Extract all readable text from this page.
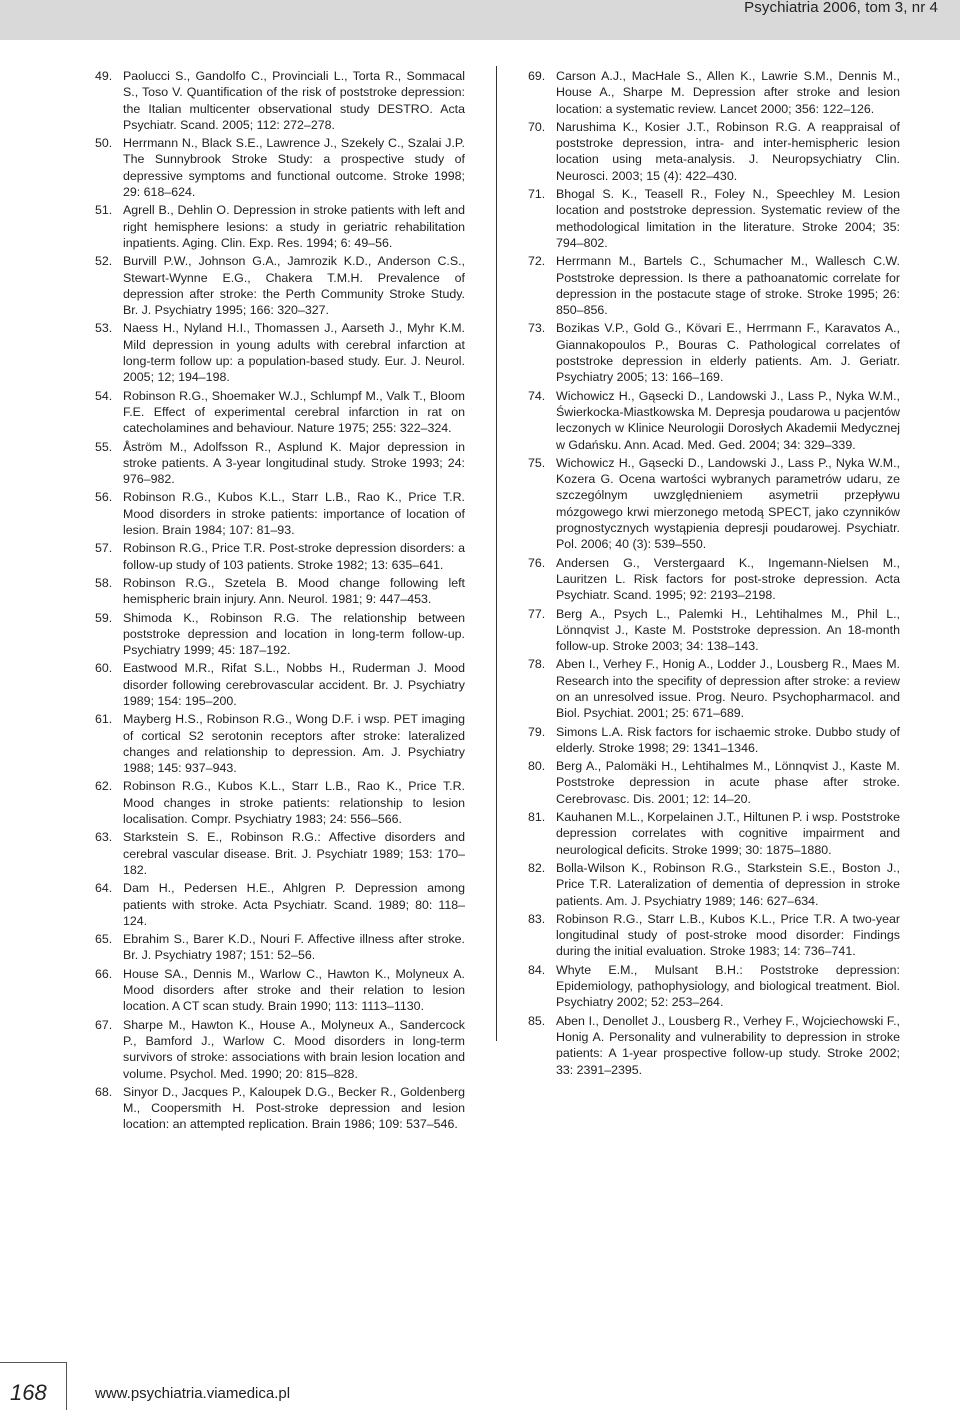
Psychiatria 2006, tom 3, nr 4
49. Paolucci S., Gandolfo C., Provinciali L., Torta R., Sommacal S., Toso V. Quantification of the risk of poststroke depression: the Italian multicenter observational study DESTRO. Acta Psychiatr. Scand. 2005; 112: 272–278.
50. Herrmann N., Black S.E., Lawrence J., Szekely C., Szalai J.P. The Sunnybrook Stroke Study: a prospective study of depressive symptoms and functional outcome. Stroke 1998; 29: 618–624.
51. Agrell B., Dehlin O. Depression in stroke patients with left and right hemisphere lesions: a study in geriatric rehabilitation inpatients. Aging. Clin. Exp. Res. 1994; 6: 49–56.
52. Burvill P.W., Johnson G.A., Jamrozik K.D., Anderson C.S., Stewart-Wynne E.G., Chakera T.M.H. Prevalence of depression after stroke: the Perth Community Stroke Study. Br. J. Psychiatry 1995; 166: 320–327.
53. Naess H., Nyland H.I., Thomassen J., Aarseth J., Myhr K.M. Mild depression in young adults with cerebral infarction at long-term follow up: a population-based study. Eur. J. Neurol. 2005; 12; 194–198.
54. Robinson R.G., Shoemaker W.J., Schlumpf M., Valk T., Bloom F.E. Effect of experimental cerebral infarction in rat on catecholamines and behaviour. Nature 1975; 255: 322–324.
55. Åström M., Adolfsson R., Asplund K. Major depression in stroke patients. A 3-year longitudinal study. Stroke 1993; 24: 976–982.
56. Robinson R.G., Kubos K.L., Starr L.B., Rao K., Price T.R. Mood disorders in stroke patients: importance of location of lesion. Brain 1984; 107: 81–93.
57. Robinson R.G., Price T.R. Post-stroke depression disorders: a follow-up study of 103 patients. Stroke 1982; 13: 635–641.
58. Robinson R.G., Szetela B. Mood change following left hemispheric brain injury. Ann. Neurol. 1981; 9: 447–453.
59. Shimoda K., Robinson R.G. The relationship between poststroke depression and location in long-term follow-up. Psychiatry 1999; 45: 187–192.
60. Eastwood M.R., Rifat S.L., Nobbs H., Ruderman J. Mood disorder following cerebrovascular accident. Br. J. Psychiatry 1989; 154: 195–200.
61. Mayberg H.S., Robinson R.G., Wong D.F. i wsp. PET imaging of cortical S2 serotonin receptors after stroke: lateralized changes and relationship to depression. Am. J. Psychiatry 1988; 145: 937–943.
62. Robinson R.G., Kubos K.L., Starr L.B., Rao K., Price T.R. Mood changes in stroke patients: relationship to lesion localisation. Compr. Psychiatry 1983; 24: 556–566.
63. Starkstein S. E., Robinson R.G.: Affective disorders and cerebral vascular disease. Brit. J. Psychiatr 1989; 153: 170–182.
64. Dam H., Pedersen H.E., Ahlgren P. Depression among patients with stroke. Acta Psychiatr. Scand. 1989; 80: 118–124.
65. Ebrahim S., Barer K.D., Nouri F. Affective illness after stroke. Br. J. Psychiatry 1987; 151: 52–56.
66. House SA., Dennis M., Warlow C., Hawton K., Molyneux A. Mood disorders after stroke and their relation to lesion location. A CT scan study. Brain 1990; 113: 1113–1130.
67. Sharpe M., Hawton K., House A., Molyneux A., Sandercock P., Bamford J., Warlow C. Mood disorders in long-term survivors of stroke: associations with brain lesion location and volume. Psychol. Med. 1990; 20: 815–828.
68. Sinyor D., Jacques P., Kaloupek D.G., Becker R., Goldenberg M., Coopersmith H. Post-stroke depression and lesion location: an attempted replication. Brain 1986; 109: 537–546.
69. Carson A.J., MacHale S., Allen K., Lawrie S.M., Dennis M., House A., Sharpe M. Depression after stroke and lesion location: a systematic review. Lancet 2000; 356: 122–126.
70. Narushima K., Kosier J.T., Robinson R.G. A reappraisal of poststroke depression, intra- and inter-hemispheric lesion location using meta-analysis. J. Neuropsychiatry Clin. Neurosci. 2003; 15 (4): 422–430.
71. Bhogal S. K., Teasell R., Foley N., Speechley M. Lesion location and poststroke depression. Systematic review of the methodological limitation in the literature. Stroke 2004; 35: 794–802.
72. Herrmann M., Bartels C., Schumacher M., Wallesch C.W. Poststroke depression. Is there a pathoanatomic correlate for depression in the postacute stage of stroke. Stroke 1995; 26: 850–856.
73. Bozikas V.P., Gold G., Kövari E., Herrmann F., Karavatos A., Giannakopoulos P., Bouras C. Pathological correlates of poststroke depression in elderly patients. Am. J. Geriatr. Psychiatry 2005; 13: 166–169.
74. Wichowicz H., Gąsecki D., Landowski J., Lass P., Nyka W.M., Świerkocka-Miastkowska M. Depresja poudarowa u pacjentów leczonych w Klinice Neurologii Dorosłych Akademii Medycznej w Gdańsku. Ann. Acad. Med. Ged. 2004; 34: 329–339.
75. Wichowicz H., Gąsecki D., Landowski J., Lass P., Nyka W.M., Kozera G. Ocena wartości wybranych parametrów udaru, ze szczególnym uwzględnieniem asymetrii przepływu mózgowego krwi mierzonego metodą SPECT, jako czynników prognostycznych wystąpienia depresji poudarowej. Psychiatr. Pol. 2006; 40 (3): 539–550.
76. Andersen G., Verstergaard K., Ingemann-Nielsen M., Lauritzen L. Risk factors for post-stroke depression. Acta Psychiatr. Scand. 1995; 92: 2193–2198.
77. Berg A., Psych L., Palemki H., Lehtihalmes M., Phil L., Lönnqvist J., Kaste M. Poststroke depression. An 18-month follow-up. Stroke 2003; 34: 138–143.
78. Aben I., Verhey F., Honig A., Lodder J., Lousberg R., Maes M. Research into the specifity of depression after stroke: a review on an unresolved issue. Prog. Neuro. Psychopharmacol. and Biol. Psychiat. 2001; 25: 671–689.
79. Simons L.A. Risk factors for ischaemic stroke. Dubbo study of elderly. Stroke 1998; 29: 1341–1346.
80. Berg A., Palomäki H., Lehtihalmes M., Lönnqvist J., Kaste M. Poststroke depression in acute phase after stroke. Cerebrovasc. Dis. 2001; 12: 14–20.
81. Kauhanen M.L., Korpelainen J.T., Hiltunen P. i wsp. Poststroke depression correlates with cognitive impairment and neurological deficits. Stroke 1999; 30: 1875–1880.
82. Bolla-Wilson K., Robinson R.G., Starkstein S.E., Boston J., Price T.R. Lateralization of dementia of depression in stroke patients. Am. J. Psychiatry 1989; 146: 627–634.
83. Robinson R.G., Starr L.B., Kubos K.L., Price T.R. A two-year longitudinal study of post-stroke mood disorder: Findings during the initial evaluation. Stroke 1983; 14: 736–741.
84. Whyte E.M., Mulsant B.H.: Poststroke depression: Epidemiology, pathophysiology, and biological treatment. Biol. Psychiatry 2002; 52: 253–264.
85. Aben I., Denollet J., Lousberg R., Verhey F., Wojciechowski F., Honig A. Personality and vulnerability to depression in stroke patients: A 1-year prospective follow-up study. Stroke 2002; 33: 2391–2395.
168	www.psychiatria.viamedica.pl
